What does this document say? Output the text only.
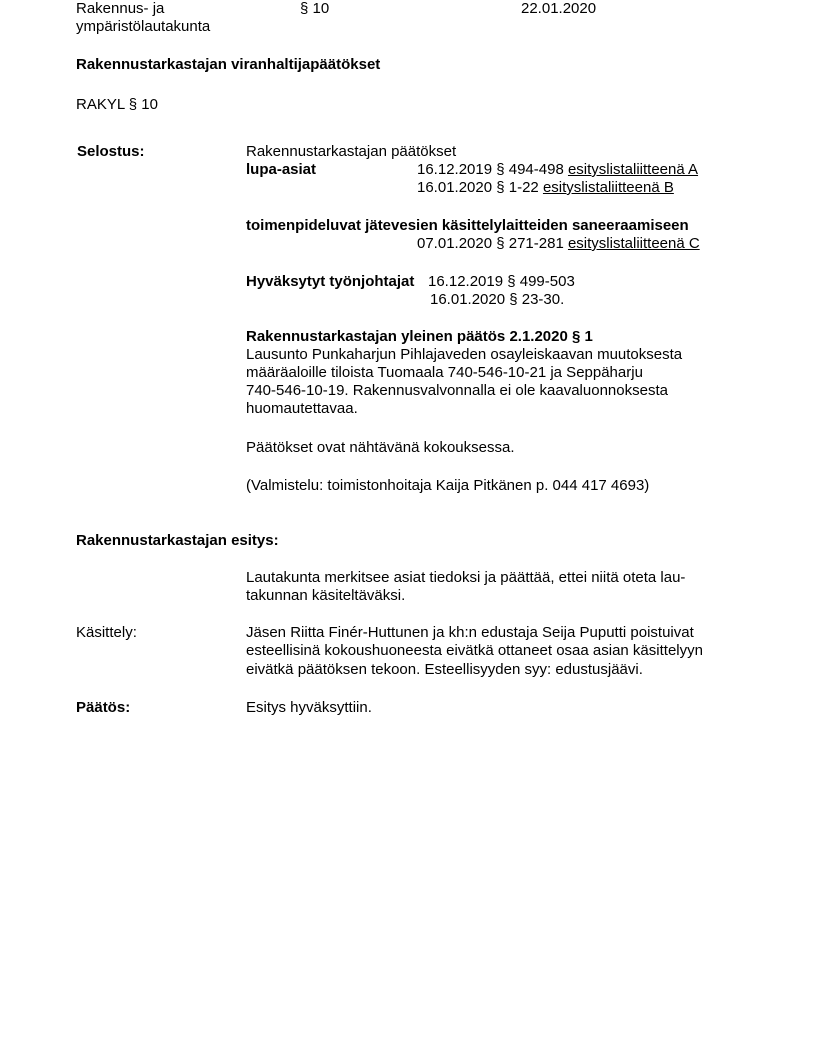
Rakennus- ja
ympäristölautakunta
§ 10	22.01.2020
Rakennustarkastajan viranhaltijapäätökset
RAKYL § 10
Selostus:	Rakennustarkastajan päätökset
lupa-asiat	16.12.2019 § 494-498 esityslistaliitteenä A
16.01.2020 § 1-22 esityslistaliitteenä B
toimenpideluvat jätevesien käsittelylaitteiden saneeraamiseen
07.01.2020 § 271-281 esityslistaliitteenä C
Hyväksytyt työnjohtajat 16.12.2019 § 499-503
16.01.2020 § 23-30.
Rakennustarkastajan yleinen päätös 2.1.2020 § 1
Lausunto Punkaharjun Pihlajaveden osayleiskaavan muutoksesta
määräaloille tiloista Tuomaala 740-546-10-21 ja Seppäharju
740-546-10-19. Rakennusvalvonnalla ei ole kaavaluonnoksesta
huomautettavaa.
Päätökset ovat nähtävänä kokouksessa.
(Valmistelu: toimistonhoitaja Kaija Pitkänen p. 044 417 4693)
Rakennustarkastajan esitys:
Lautakunta merkitsee asiat tiedoksi ja päättää, ettei niitä oteta lau-
takunnan käsiteltäväksi.
Käsittely:	Jäsen Riitta Finér-Huttunen ja kh:n edustaja Seija Puputti poistuivat
esteellisinä kokoushuoneesta eivätkä ottaneet osaa asian käsittelyyn
eivätkä päätöksen tekoon. Esteellisyyden syy: edustusjäävi.
Päätös:	Esitys hyväksyttiin.
